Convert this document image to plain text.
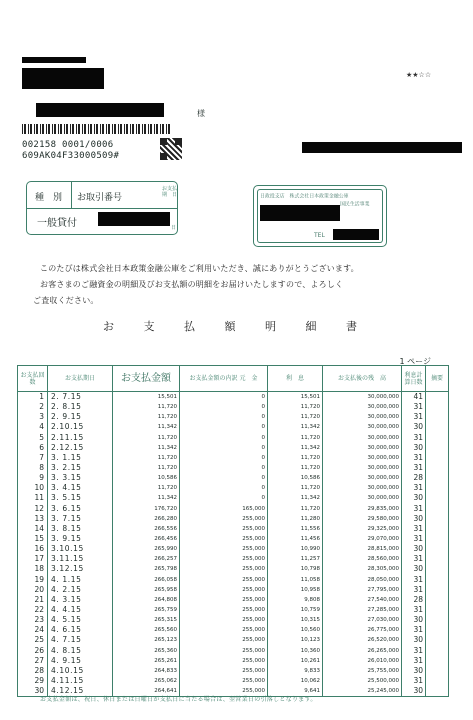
★★☆☆
様
002158 0001/0006
609AK04F33000509#
種　別 お取引番号
お支払
期　日
一般貸付	日
日政投支店　株式会社日本政策金融公庫
国民生活事業
TEL
このたびは株式会社日本政策金融公庫をご利用いただき、誠にありがとうございます。
お客さまのご融資金の明細及びお支払額の明細をお届けいたしますので、よろしく
ご査収ください。
お 支 払 額 明 細 書
1 ページ
お支払回数	お支払期日	お支払金額	お支払金額の内訳 元　金	利　息	お支払後の残　高	利息計算日数	摘要
1	2. 7.15	15,501	0	15,501	30,000,000	41	
2	2. 8.15	11,720	0	11,720	30,000,000	31	
3	2. 9.15	11,720	0	11,720	30,000,000	31	
4	2.10.15	11,342	0	11,342	30,000,000	30	
5	2.11.15	11,720	0	11,720	30,000,000	31	
6	2.12.15	11,342	0	11,342	30,000,000	30	
7	3. 1.15	11,720	0	11,720	30,000,000	31	
8	3. 2.15	11,720	0	11,720	30,000,000	31	
9	3. 3.15	10,586	0	10,586	30,000,000	28	
10	3. 4.15	11,720	0	11,720	30,000,000	31	
11	3. 5.15	11,342	0	11,342	30,000,000	30	
12	3. 6.15	176,720	165,000	11,720	29,835,000	31	
13	3. 7.15	266,280	255,000	11,280	29,580,000	30	
14	3. 8.15	266,556	255,000	11,556	29,325,000	31	
15	3. 9.15	266,456	255,000	11,456	29,070,000	31	
16	3.10.15	265,990	255,000	10,990	28,815,000	30	
17	3.11.15	266,257	255,000	11,257	28,560,000	31	
18	3.12.15	265,798	255,000	10,798	28,305,000	30	
19	4. 1.15	266,058	255,000	11,058	28,050,000	31	
20	4. 2.15	265,958	255,000	10,958	27,795,000	31	
21	4. 3.15	264,808	255,000	9,808	27,540,000	28	
22	4. 4.15	265,759	255,000	10,759	27,285,000	31	
23	4. 5.15	265,315	255,000	10,315	27,030,000	30	
24	4. 6.15	265,560	255,000	10,560	26,775,000	31	
25	4. 7.15	265,123	255,000	10,123	26,520,000	30	
26	4. 8.15	265,360	255,000	10,360	26,265,000	31	
27	4. 9.15	265,261	255,000	10,261	26,010,000	31	
28	4.10.15	264,833	255,000	9,833	25,755,000	30	
29	4.11.15	265,062	255,000	10,062	25,500,000	31	
30	4.12.15	264,641	255,000	9,641	25,245,000	30	
お支払金額は、祝日、休日または日曜日が支払日に当たる場合は、翌営業日の引落しとなります。
